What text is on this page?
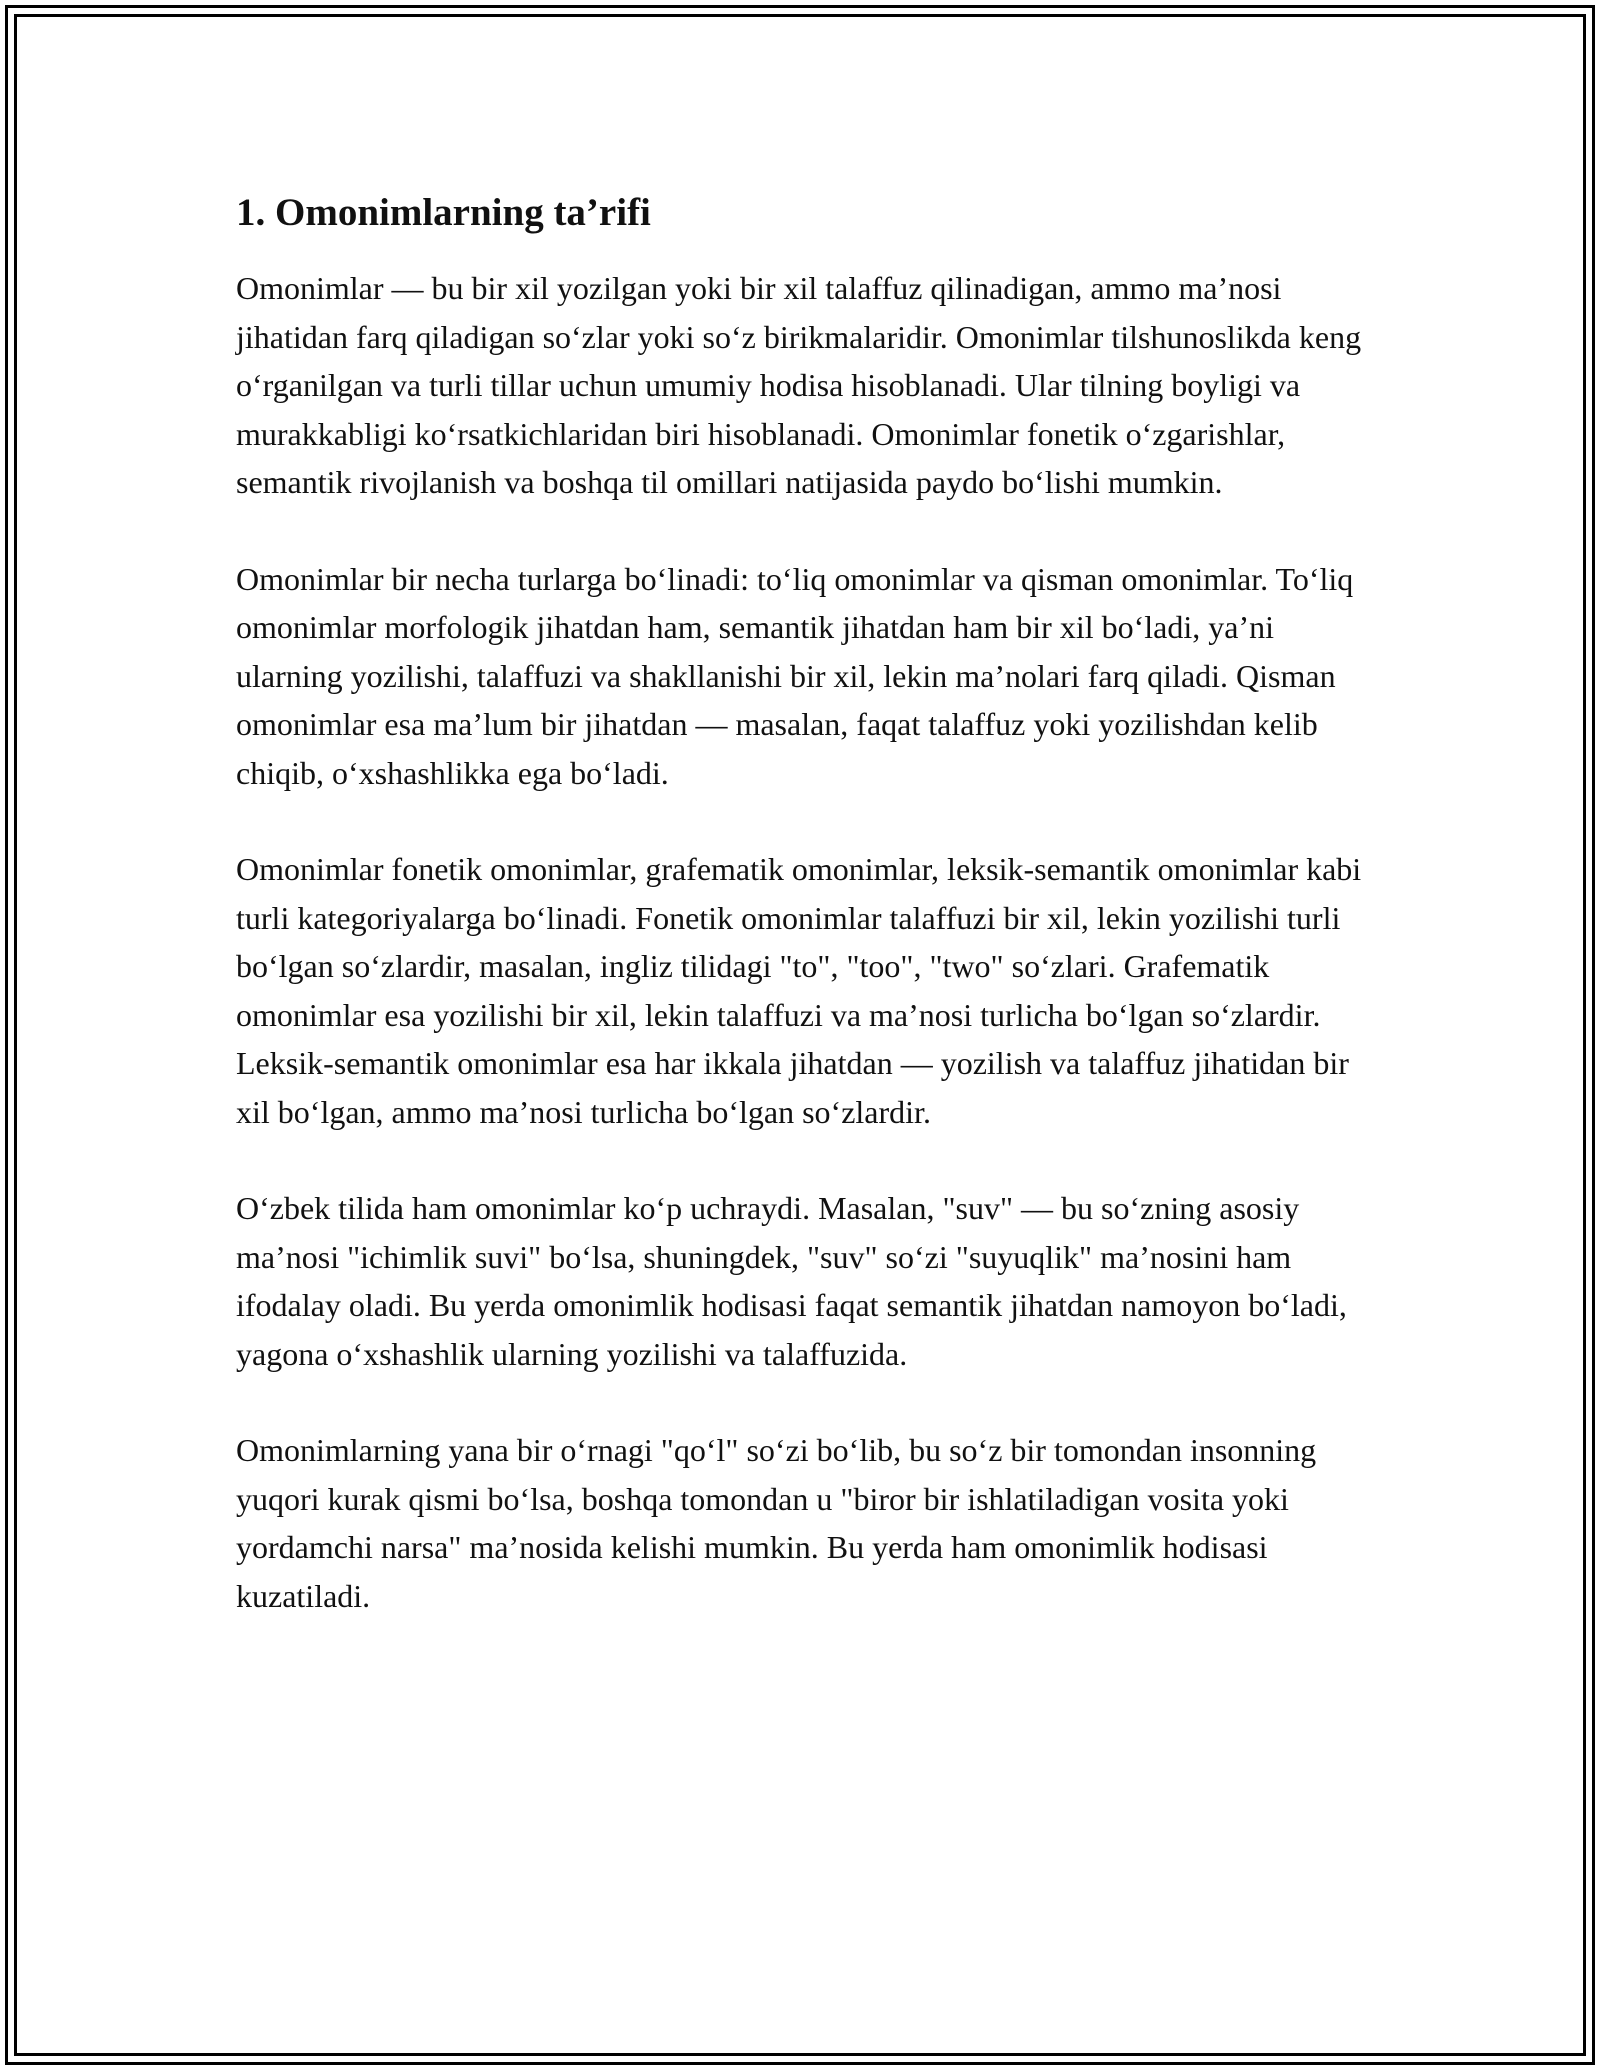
1. Omonimlarning ta’rifi

Omonimlar — bu bir xil yozilgan yoki bir xil talaffuz qilinadigan, ammo ma’nosi jihatidan farq qiladigan so‘zlar yoki so‘z birikmalaridir. Omonimlar tilshunoslikda keng o‘rganilgan va turli tillar uchun umumiy hodisa hisoblanadi. Ular tilning boyligi va murakkabligi ko‘rsatkichlaridan biri hisoblanadi. Omonimlar fonetik o‘zgarishlar, semantik rivojlanish va boshqa til omillari natijasida paydo bo‘lishi mumkin.

Omonimlar bir necha turlarga bo‘linadi: to‘liq omonimlar va qisman omonimlar. To‘liq omonimlar morfologik jihatdan ham, semantik jihatdan ham bir xil bo‘ladi, ya’ni ularning yozilishi, talaffuzi va shakllanishi bir xil, lekin ma’nolari farq qiladi. Qisman omonimlar esa ma’lum bir jihatdan — masalan, faqat talaffuz yoki yozilishdan kelib chiqib, o‘xshashlikka ega bo‘ladi.

Omonimlar fonetik omonimlar, grafematik omonimlar, leksik-semantik omonimlar kabi turli kategoriyalarga bo‘linadi. Fonetik omonimlar talaffuzi bir xil, lekin yozilishi turli bo‘lgan so‘zlardir, masalan, ingliz tilidagi "to", "too", "two" so‘zlari. Grafematik omonimlar esa yozilishi bir xil, lekin talaffuzi va ma’nosi turlicha bo‘lgan so‘zlardir. Leksik-semantik omonimlar esa har ikkala jihatdan — yozilish va talaffuz jihatidan bir xil bo‘lgan, ammo ma’nosi turlicha bo‘lgan so‘zlardir.

O‘zbek tilida ham omonimlar ko‘p uchraydi. Masalan, "suv" — bu so‘zning asosiy ma’nosi "ichimlik suvi" bo‘lsa, shuningdek, "suv" so‘zi "suyuqlik" ma’nosini ham ifodalay oladi. Bu yerda omonimlik hodisasi faqat semantik jihatdan namoyon bo‘ladi, yagona o‘xshashlik ularning yozilishi va talaffuzida.

Omonimlarning yana bir o‘rnagi "qo‘l" so‘zi bo‘lib, bu so‘z bir tomondan insonning yuqori kurak qismi bo‘lsa, boshqa tomondan u "biror bir ishlatiladigan vosita yoki yordamchi narsa" ma’nosida kelishi mumkin. Bu yerda ham omonimlik hodisasi kuzatiladi.
